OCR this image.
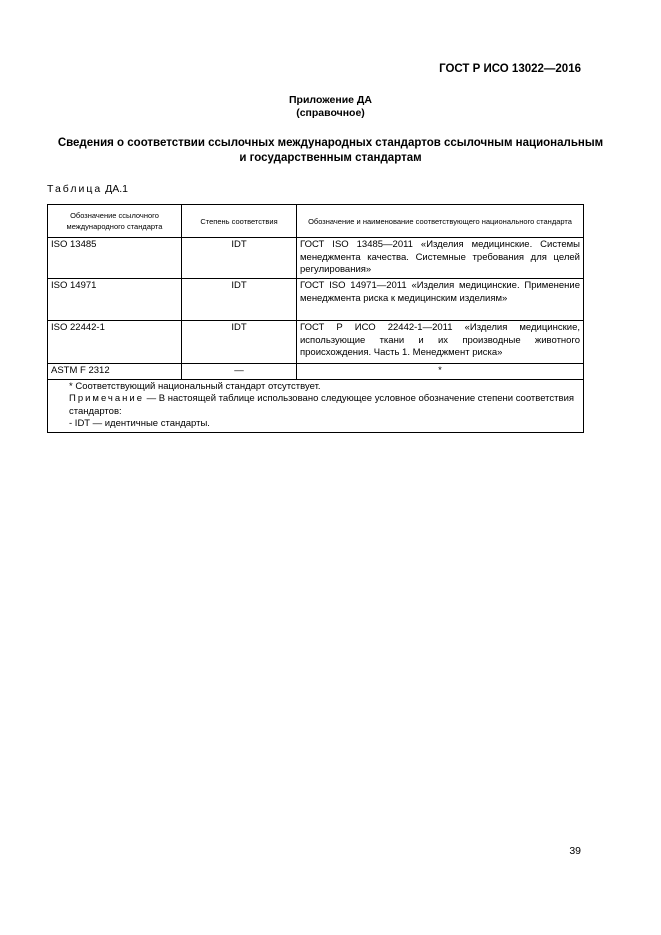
ГОСТ Р ИСО 13022—2016
Приложение ДА
(справочное)
Сведения о соответствии ссылочных международных стандартов ссылочным национальным
и государственным стандартам
Таблица ДА.1
Обозначение ссылочного международного стандарта	Степень соответствия	Обозначение и наименование соответствующего национального стандарта
ISO 13485	IDT	ГОСТ ISO 13485—2011 «Изделия медицинские. Системы менеджмента качества. Системные требования для целей регулирования»
ISO 14971	IDT	ГОСТ ISO 14971—2011 «Изделия медицинские. Применение менеджмента риска к медицинским изделиям»
ISO 22442-1	IDT	ГОСТ Р ИСО 22442-1—2011 «Изделия медицинские, использующие ткани и их производные животного происхождения. Часть 1. Менеджмент риска»
ASTM F 2312	—	*

* Соответствующий национальный стандарт отсутствует.
Примечание — В настоящей таблице использовано следующее условное обозначение степени соответствия стандартов:
- IDT — идентичные стандарты.		
39
